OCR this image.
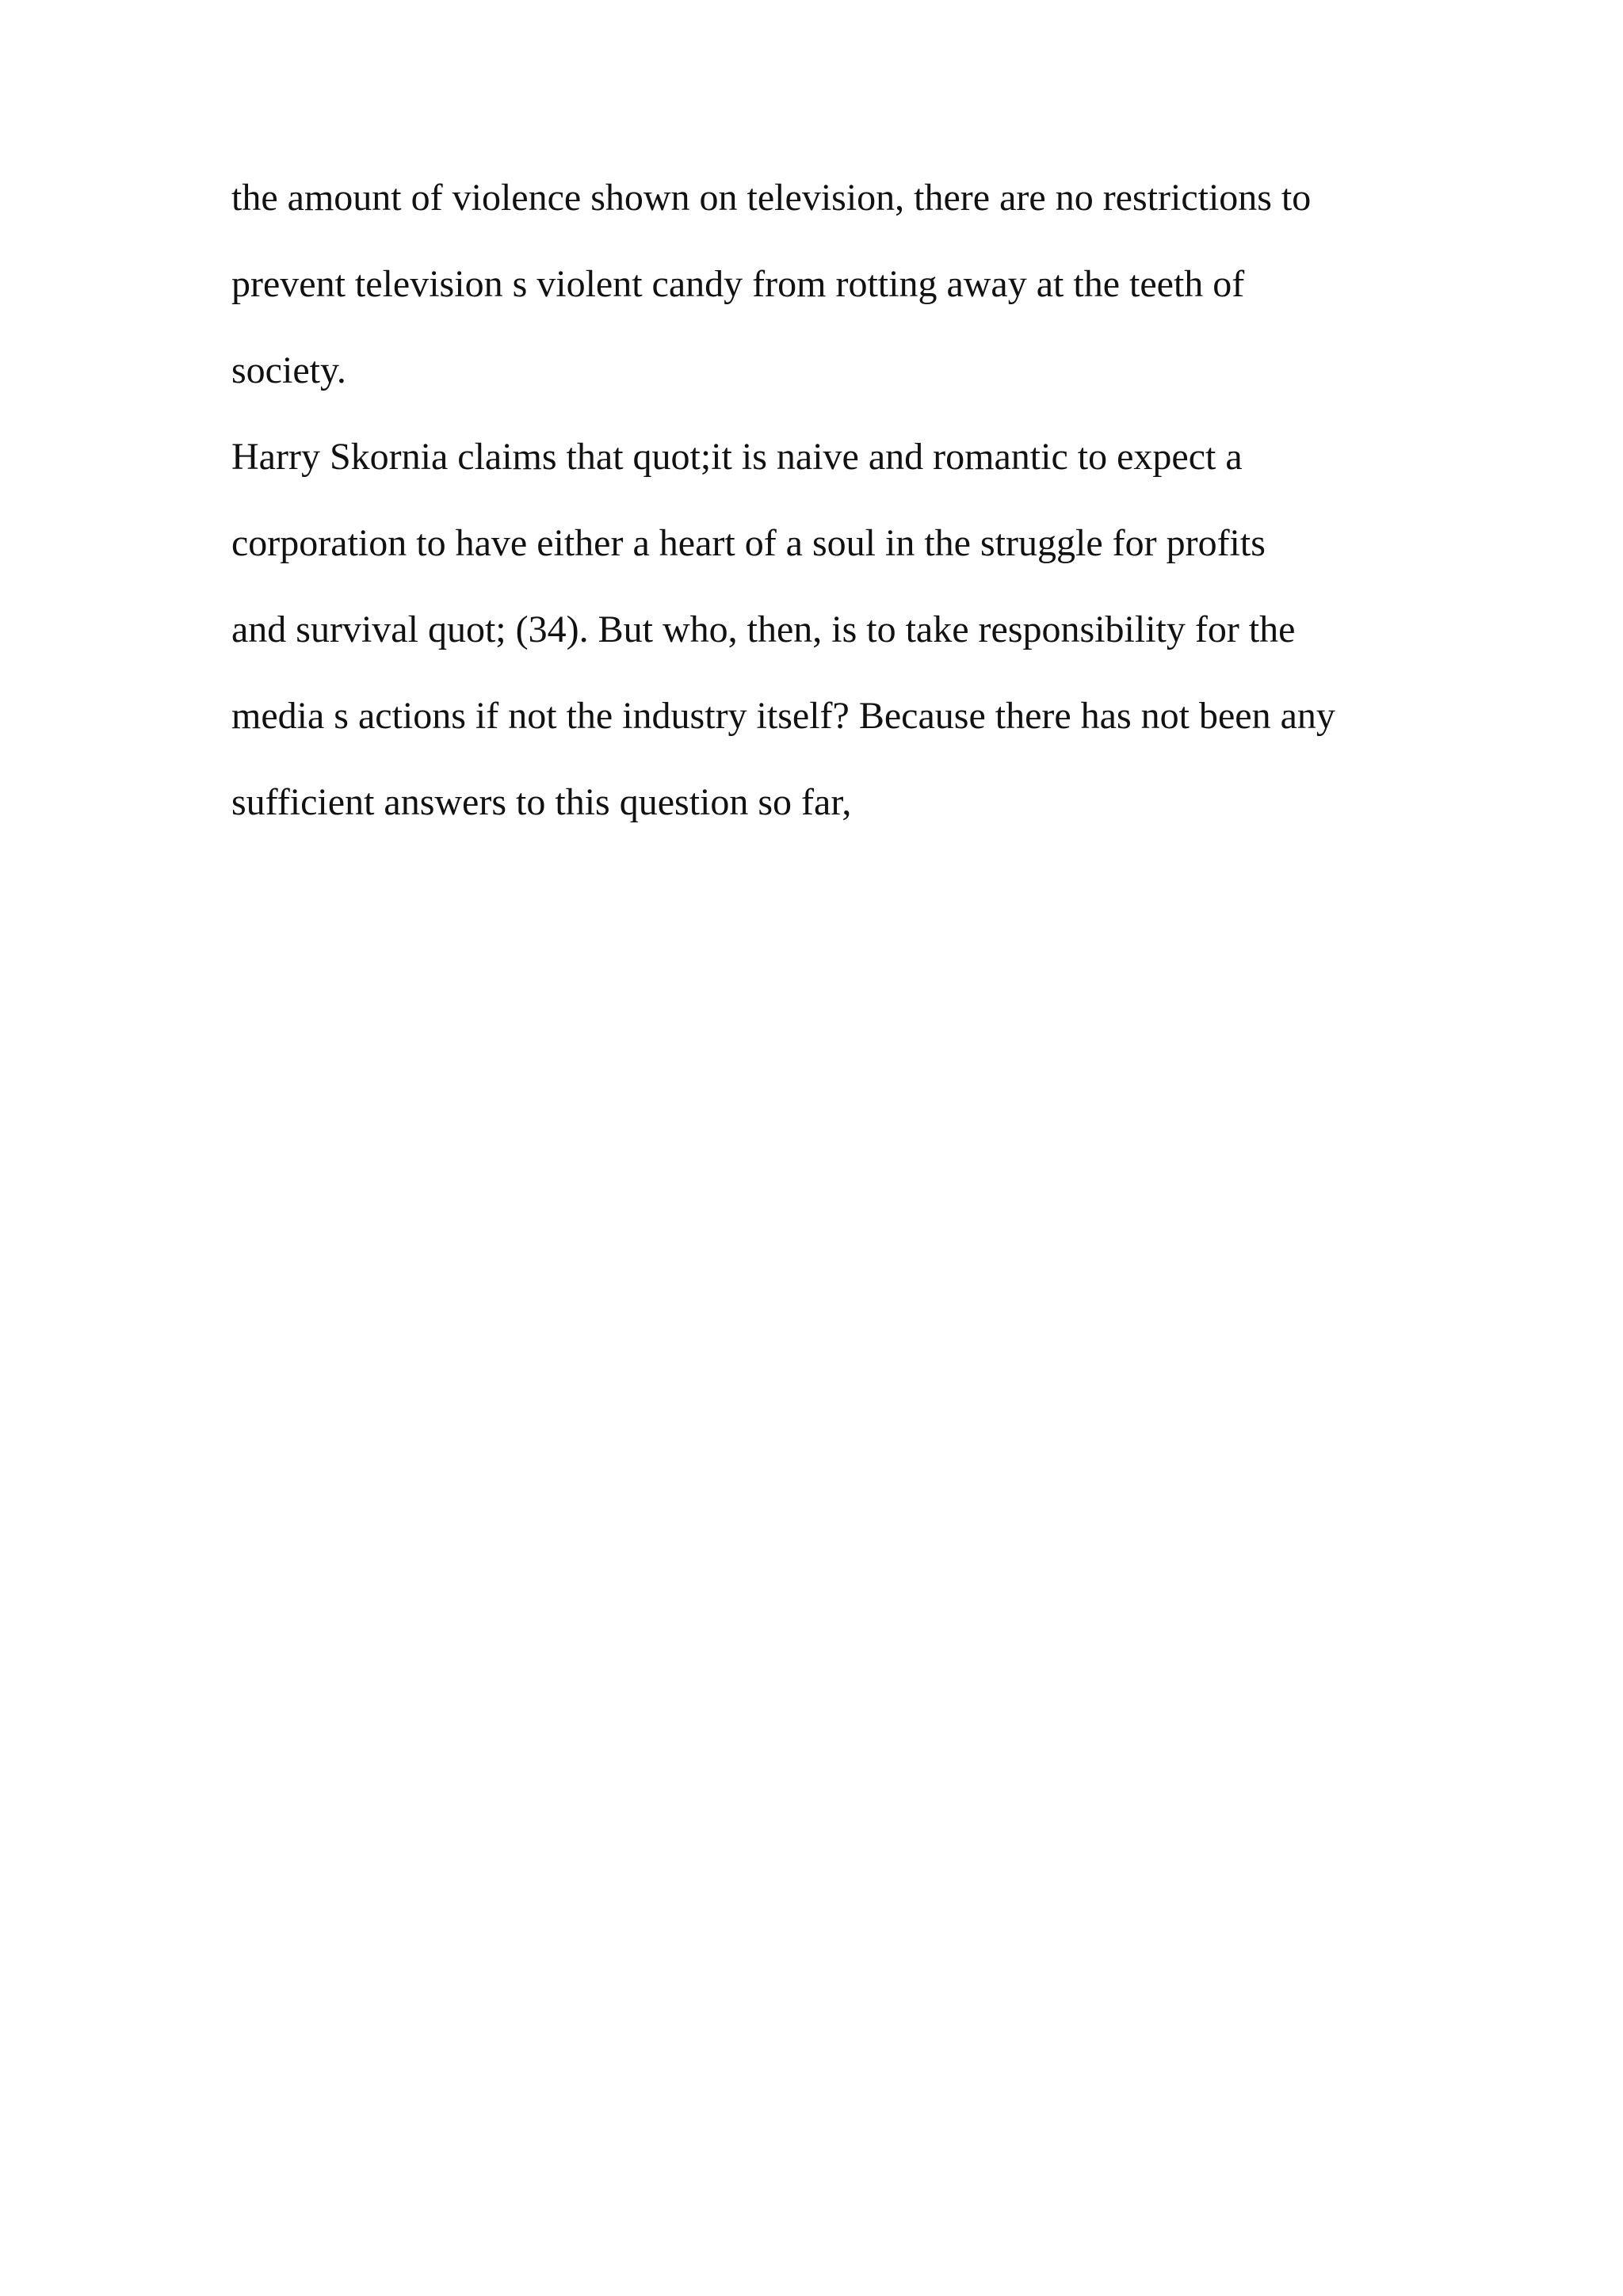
the amount of violence shown on television, there are no restrictions to
prevent television s violent candy from rotting away at the teeth of
society.
Harry Skornia claims that quot;it is naive and romantic to expect a
corporation to have either a heart of a soul in the struggle for profits
and survival quot; (34). But who, then, is to take responsibility for the
media s actions if not the industry itself? Because there has not been any
sufficient answers to this question so far,
